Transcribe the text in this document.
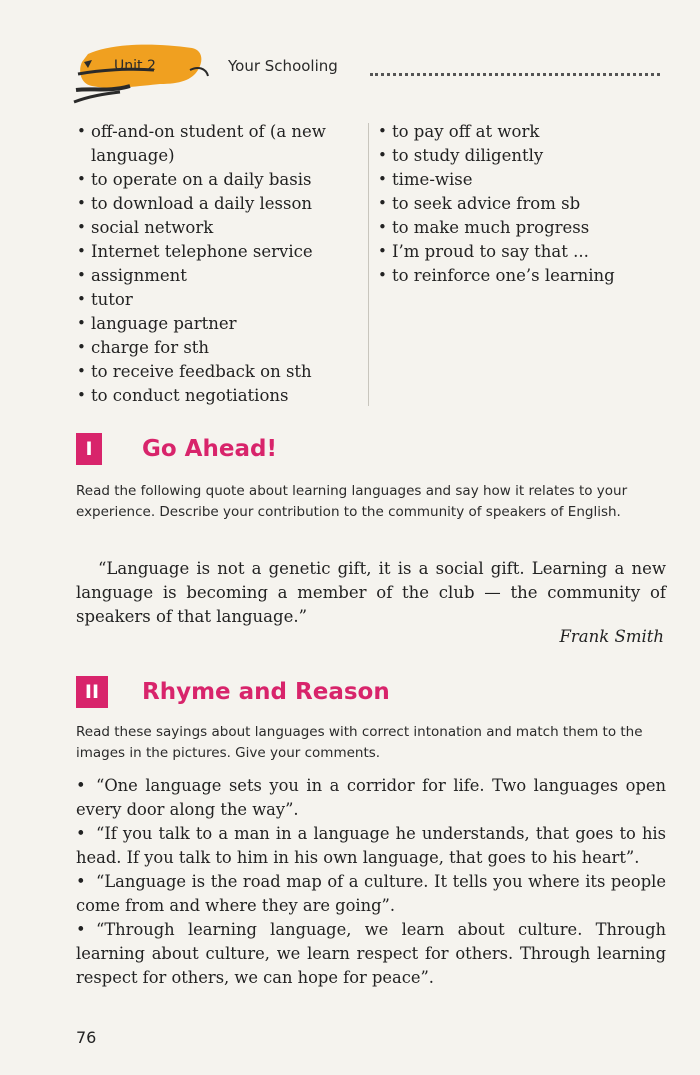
Unit 2	Your Schooling
• off-and-on student of (a new language)
• to operate on a daily basis
• to download a daily lesson
• social network
• Internet telephone service
• assignment
• tutor
• language partner
• charge for sth
• to receive feedback on sth
• to conduct negotiations
• to pay off at work
• to study diligently
• time-wise
• to seek advice from sb
• to make much progress
• I’m proud to say that ...
• to reinforce one’s learning
I	Go Ahead!
Read the following quote about learning languages and say how it relates to your experience. Describe your contribution to the community of speakers of English.
“Language is not a genetic gift, it is a social gift. Learning a new language is becoming a member of the club — the community of speakers of that language.”
Frank Smith
II	Rhyme and Reason
Read these sayings about languages with correct intonation and match them to the images in the pictures. Give your comments.
• “One language sets you in a corridor for life. Two languages open every door along the way”.
• “If you talk to a man in a language he understands, that goes to his head. If you talk to him in his own language, that goes to his heart”.
• “Language is the road map of a culture. It tells you where its people come from and where they are going”.
• “Through learning language, we learn about culture. Through learning about culture, we learn respect for others. Through learning respect for others, we can hope for peace”.
76
